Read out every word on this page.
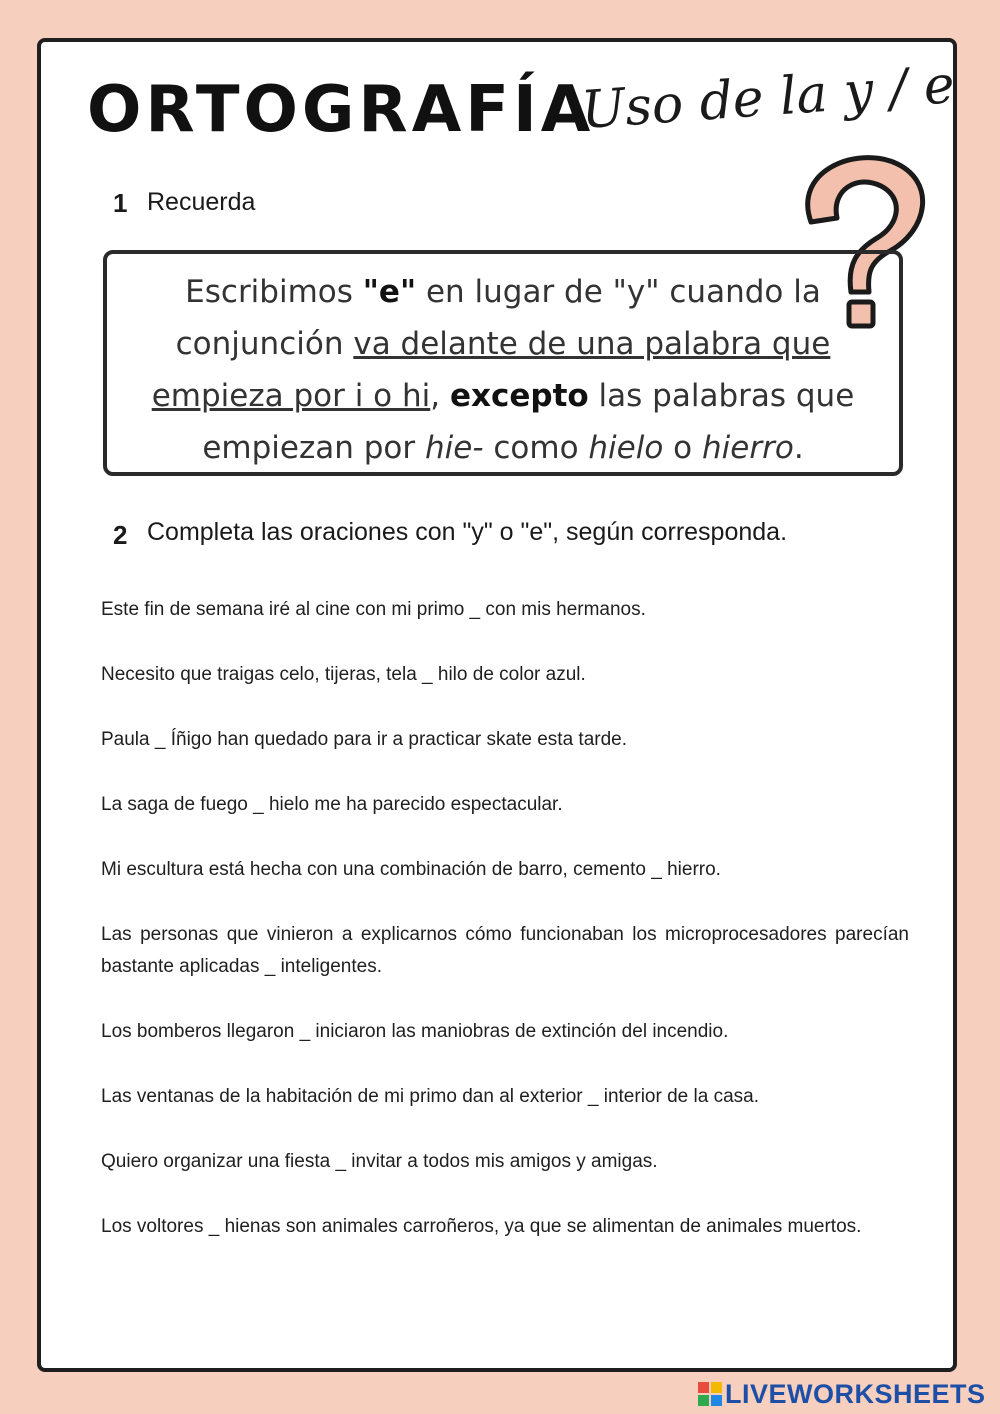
ORTOGRAFÍA
Uso de la y / e
1 Recuerda
Escribimos "e" en lugar de "y" cuando la conjunción va delante de una palabra que empieza por i o hi, excepto las palabras que empiezan por hie- como hielo o hierro.
2 Completa las oraciones con "y" o "e", según corresponda.

Este fin de semana iré al cine con mi primo _ con mis hermanos.

Necesito que traigas celo, tijeras, tela _ hilo de color azul.

Paula _ Íñigo han quedado para ir a practicar skate esta tarde.

La saga de fuego _ hielo me ha parecido espectacular.

Mi escultura está hecha con una combinación de barro, cemento _ hierro.

Las personas que vinieron a explicarnos cómo funcionaban los microprocesadores parecían bastante aplicadas _ inteligentes.

Los bomberos llegaron _ iniciaron las maniobras de extinción del incendio.

Las ventanas de la habitación de mi primo dan al exterior _ interior de la casa.

Quiero organizar una fiesta _ invitar a todos mis amigos y amigas.

Los voltores _ hienas son animales carroñeros, ya que se alimentan de animales muertos.

LIVEWORKSHEETS
